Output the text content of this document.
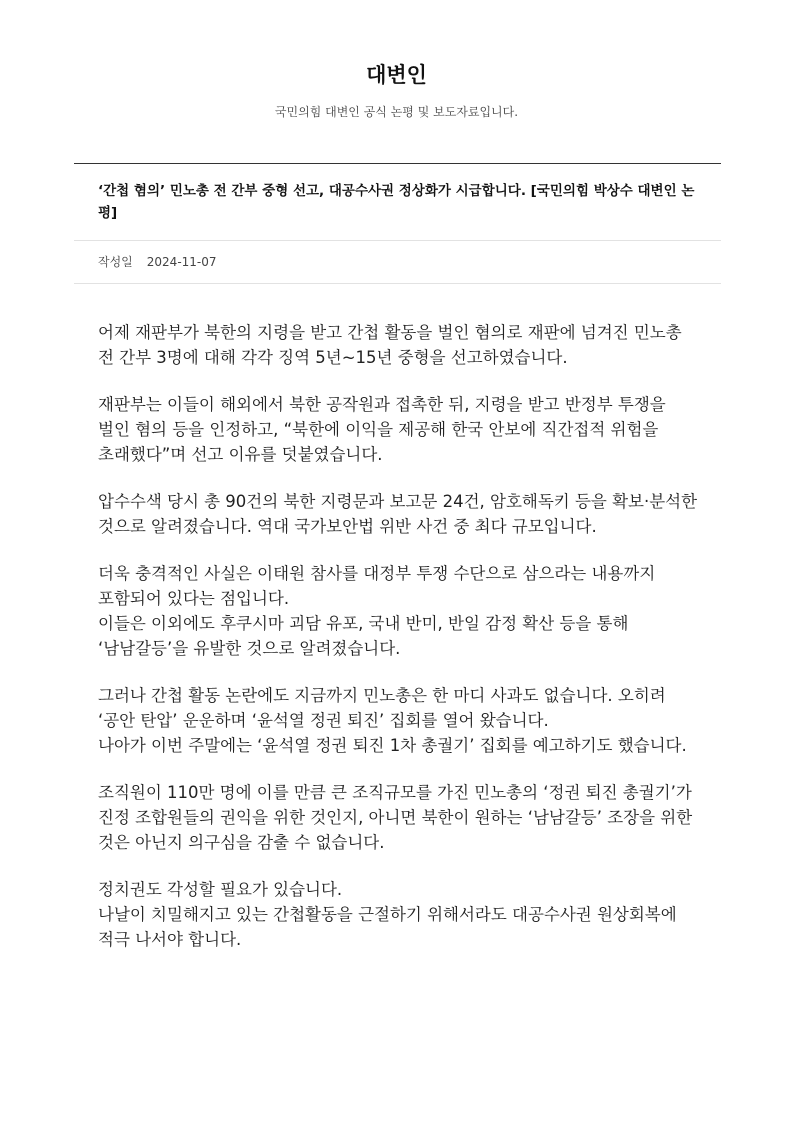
대변인

국민의힘 대변인 공식 논평 및 보도자료입니다.

‘간첩 혐의’ 민노총 전 간부 중형 선고, 대공수사권 정상화가 시급합니다. [국민의힘 박상수 대변인 논평]
작성일 2024-11-07

어제 재판부가 북한의 지령을 받고 간첩 활동을 벌인 혐의로 재판에 넘겨진 민노총 전 간부 3명에 대해 각각 징역 5년~15년 중형을 선고하였습니다.

재판부는 이들이 해외에서 북한 공작원과 접촉한 뒤, 지령을 받고 반정부 투쟁을 벌인 혐의 등을 인정하고, “북한에 이익을 제공해 한국 안보에 직간접적 위험을 초래했다”며 선고 이유를 덧붙였습니다.

압수수색 당시 총 90건의 북한 지령문과 보고문 24건, 암호해독키 등을 확보·분석한 것으로 알려졌습니다. 역대 국가보안법 위반 사건 중 최다 규모입니다.

더욱 충격적인 사실은 이태원 참사를 대정부 투쟁 수단으로 삼으라는 내용까지 포함되어 있다는 점입니다.
이들은 이외에도 후쿠시마 괴담 유포, 국내 반미, 반일 감정 확산 등을 통해 ‘남남갈등’을 유발한 것으로 알려졌습니다.

그러나 간첩 활동 논란에도 지금까지 민노총은 한 마디 사과도 없습니다. 오히려 ‘공안 탄압’ 운운하며 ‘윤석열 정권 퇴진’ 집회를 열어 왔습니다.
나아가 이번 주말에는 ‘윤석열 정권 퇴진 1차 총궐기’ 집회를 예고하기도 했습니다.

조직원이 110만 명에 이를 만큼 큰 조직규모를 가진 민노총의 ‘정권 퇴진 총궐기’가 진정 조합원들의 권익을 위한 것인지, 아니면 북한이 원하는 ‘남남갈등’ 조장을 위한 것은 아닌지 의구심을 감출 수 없습니다.

정치권도 각성할 필요가 있습니다.
나날이 치밀해지고 있는 간첩활동을 근절하기 위해서라도 대공수사권 원상회복에 적극 나서야 합니다.
